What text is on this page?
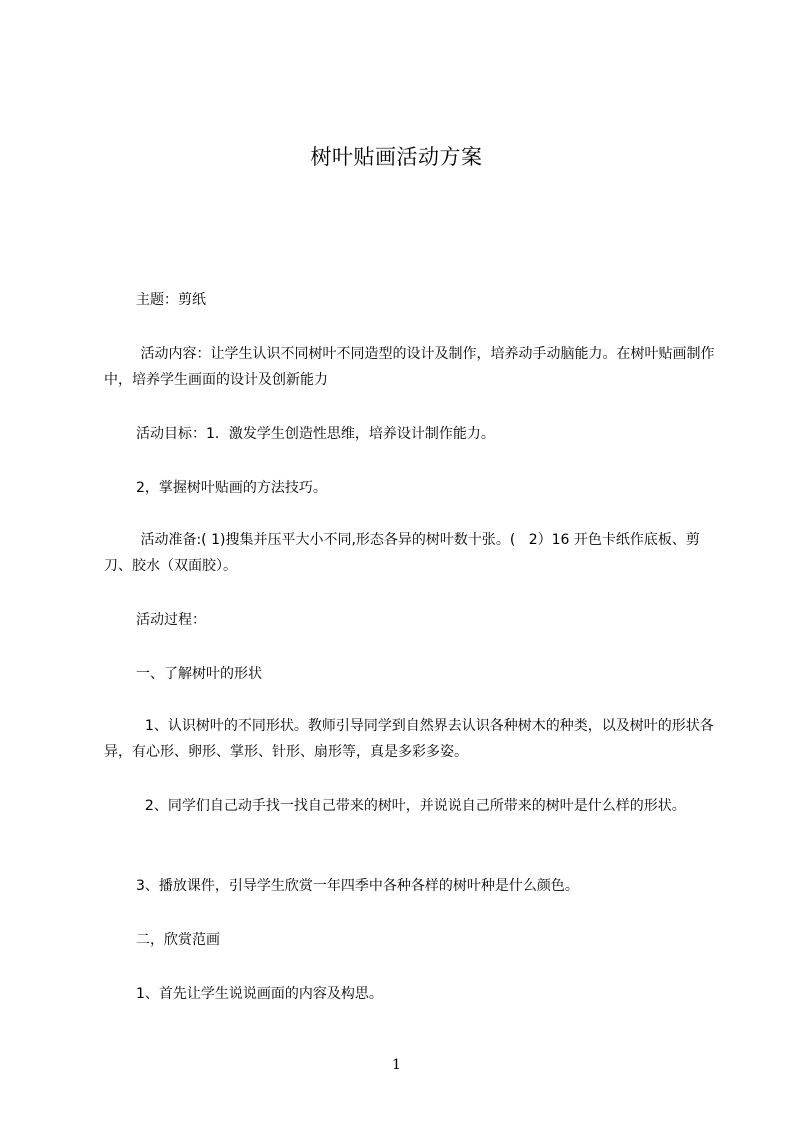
树叶贴画活动方案
主题：剪纸
活动内容：让学生认识不同树叶不同造型的设计及制作，培养动手动脑能力。在树叶贴画制作中，培养学生画面的设计及创新能力
活动目标：1．激发学生创造性思维，培养设计制作能力。
2，掌握树叶贴画的方法技巧。
活动准备:( 1)搜集并压平大小不同,形态各异的树叶数十张。(   2）16 开色卡纸作底板、剪刀、胶水（双面胶）。
活动过程：
一、了解树叶的形状
1、认识树叶的不同形状。教师引导同学到自然界去认识各种树木的种类，以及树叶的形状各异，有心形、卵形、掌形、针形、扇形等，真是多彩多姿。
2、同学们自己动手找一找自己带来的树叶，并说说自己所带来的树叶是什么样的形状。
3、播放课件，引导学生欣赏一年四季中各种各样的树叶种是什么颜色。
二，欣赏范画
1、首先让学生说说画面的内容及构思。
1
